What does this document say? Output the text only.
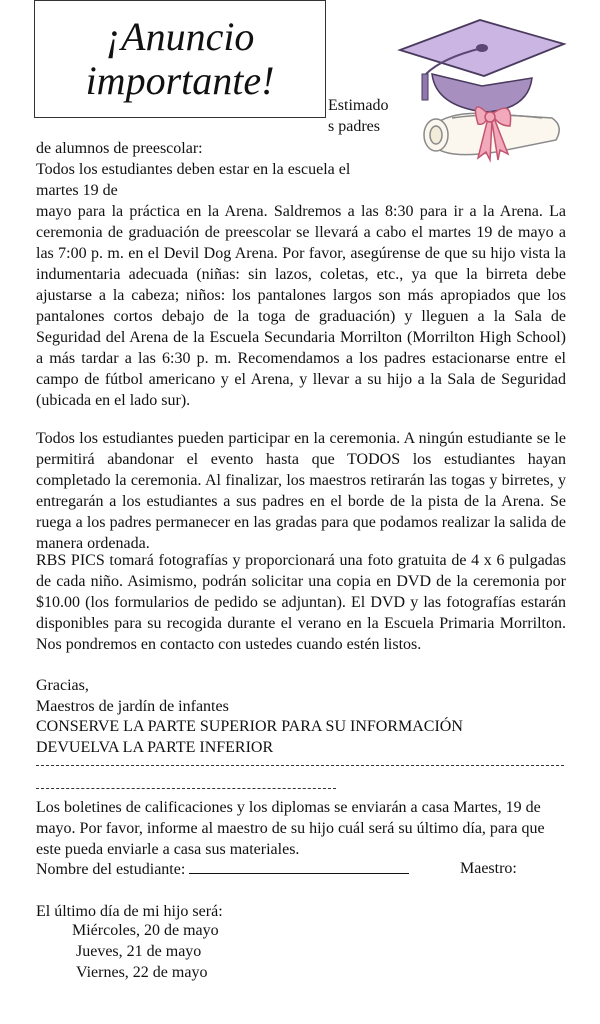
¡Anuncio
importante!
Estimado
s padres

de alumnos de preescolar:

Todos los estudiantes deben estar en la escuela el

martes 19 de

mayo para la práctica en la Arena. Saldremos a las 8:30 para ir a la Arena. La ceremonia de graduación de preescolar se llevará a cabo el martes 19 de mayo a las 7:00 p. m. en el Devil Dog Arena. Por favor, asegúrense de que su hijo vista la indumentaria adecuada (niñas: sin lazos, coletas, etc., ya que la birreta debe ajustarse a la cabeza; niños: los pantalones largos son más apropiados que los pantalones cortos debajo de la toga de graduación) y lleguen a la Sala de Seguridad del Arena de la Escuela Secundaria Morrilton (Morrilton High School) a más tardar a las 6:30 p. m. Recomendamos a los padres estacionarse entre el campo de fútbol americano y el Arena, y llevar a su hijo a la Sala de Seguridad (ubicada en el lado sur).

Todos los estudiantes pueden participar en la ceremonia. A ningún estudiante se le permitirá abandonar el evento hasta que TODOS los estudiantes hayan completado la ceremonia. Al finalizar, los maestros retirarán las togas y birretes, y entregarán a los estudiantes a sus padres en el borde de la pista de la Arena. Se ruega a los padres permanecer en las gradas para que podamos realizar la salida de manera ordenada.

RBS PICS tomará fotografías y proporcionará una foto gratuita de 4 x 6 pulgadas de cada niño. Asimismo, podrán solicitar una copia en DVD de la ceremonia por $10.00 (los formularios de pedido se adjuntan). El DVD y las fotografías estarán disponibles para su recogida durante el verano en la Escuela Primaria Morrilton. Nos pondremos en contacto con ustedes cuando estén listos.

Gracias,

Maestros de jardín de infantes

CONSERVE LA PARTE SUPERIOR PARA SU INFORMACIÓN

DEVUELVA LA PARTE INFERIOR

Los boletines de calificaciones y los diplomas se enviarán a casa Martes, 19 de mayo. Por favor, informe al maestro de su hijo cuál será su último día, para que este pueda enviarle a casa sus materiales.

Nombre del estudiante:	Maestro:
El último día de mi hijo será:
Miércoles, 20 de mayo
Jueves, 21 de mayo
Viernes, 22 de mayo
